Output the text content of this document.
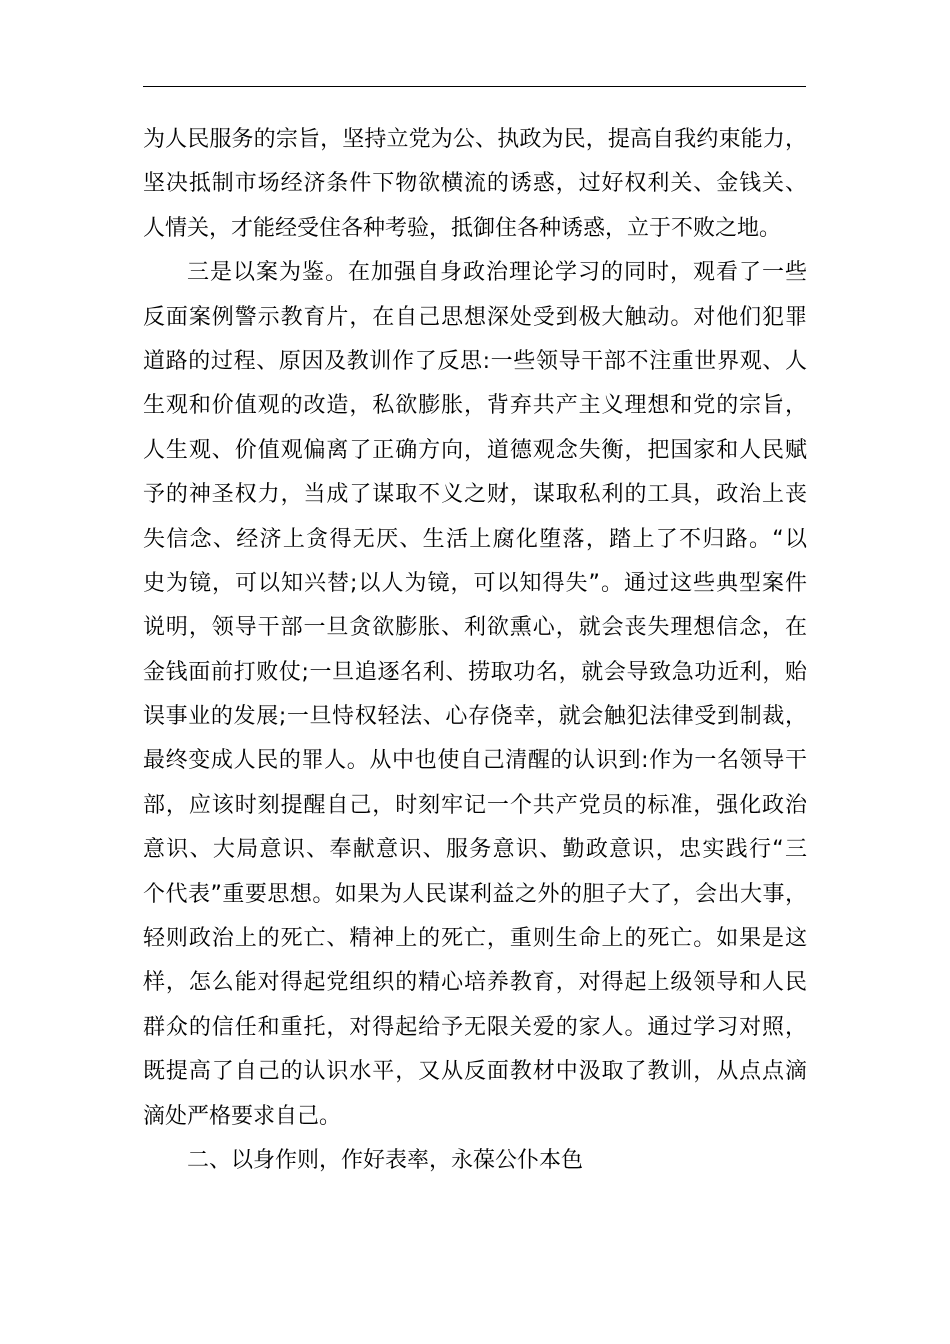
为人民服务的宗旨，坚持立党为公、执政为民，提高自我约束能力，
坚决抵制市场经济条件下物欲横流的诱惑，过好权利关、金钱关、
人情关，才能经受住各种考验，抵御住各种诱惑，立于不败之地。
三是以案为鉴。在加强自身政治理论学习的同时，观看了一些
反面案例警示教育片，在自己思想深处受到极大触动。对他们犯罪
道路的过程、原因及教训作了反思:一些领导干部不注重世界观、人
生观和价值观的改造，私欲膨胀，背弃共产主义理想和党的宗旨，
人生观、价值观偏离了正确方向，道德观念失衡，把国家和人民赋
予的神圣权力，当成了谋取不义之财，谋取私利的工具，政治上丧
失信念、经济上贪得无厌、生活上腐化堕落，踏上了不归路。“以
史为镜，可以知兴替;以人为镜，可以知得失”。通过这些典型案件
说明，领导干部一旦贪欲膨胀、利欲熏心，就会丧失理想信念，在
金钱面前打败仗;一旦追逐名利、捞取功名，就会导致急功近利，贻
误事业的发展;一旦恃权轻法、心存侥幸，就会触犯法律受到制裁，
最终变成人民的罪人。从中也使自己清醒的认识到:作为一名领导干
部，应该时刻提醒自己，时刻牢记一个共产党员的标准，强化政治
意识、大局意识、奉献意识、服务意识、勤政意识，忠实践行“三
个代表”重要思想。如果为人民谋利益之外的胆子大了，会出大事，
轻则政治上的死亡、精神上的死亡，重则生命上的死亡。如果是这
样，怎么能对得起党组织的精心培养教育，对得起上级领导和人民
群众的信任和重托，对得起给予无限关爱的家人。通过学习对照，
既提高了自己的认识水平，又从反面教材中汲取了教训，从点点滴
滴处严格要求自己。
二、以身作则，作好表率，永葆公仆本色
